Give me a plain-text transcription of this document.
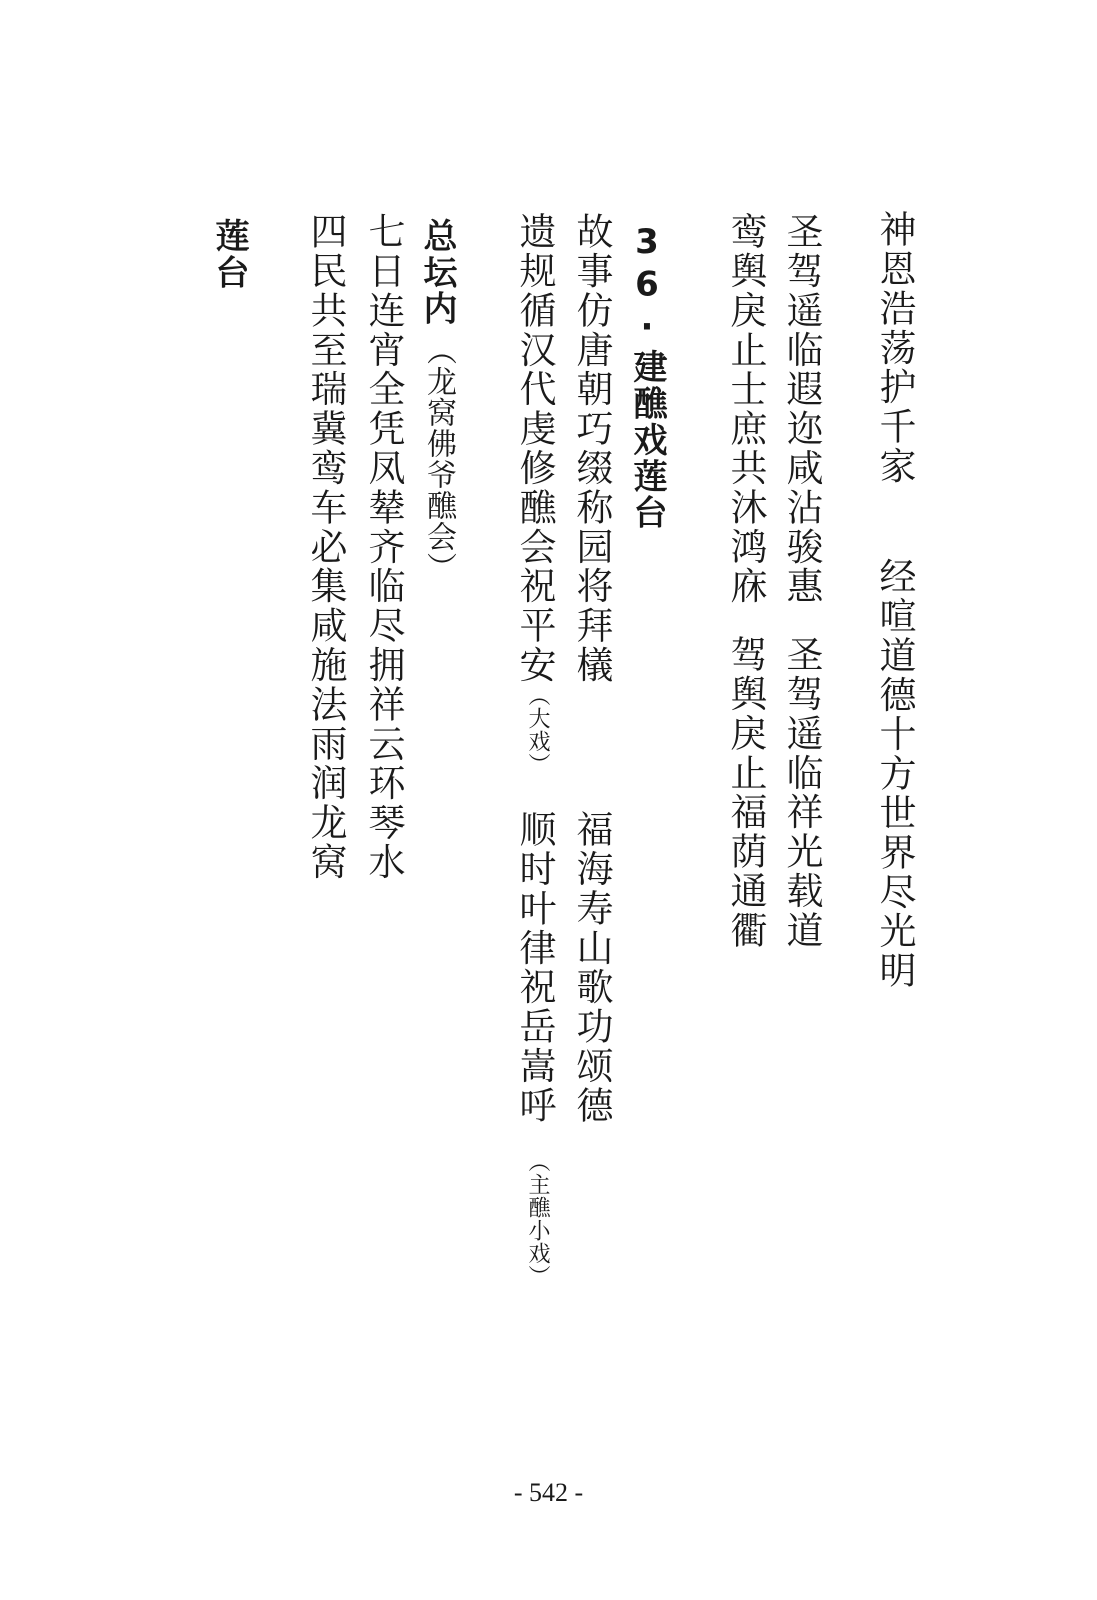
神恩浩荡护千家
经喧道德十方世界尽光明
圣驾遥临遐迩咸沾骏惠
圣驾遥临祥光载道
鸾舆戾止士庶共沐鸿庥
驾舆戾止福荫通衢
36·建醮戏莲台
故事仿唐朝巧缀称园将拜檥
福海寿山歌功颂德
遗规循汉代虔修醮会祝平安
（大戏）
顺时叶律祝岳嵩呼
（主醮小戏）
总坛内
（龙窝佛爷醮会）
七日连宵全凭凤辇齐临尽拥祥云环琴水
四民共至瑞冀鸾车必集咸施法雨润龙窝
莲台
- 542 -
